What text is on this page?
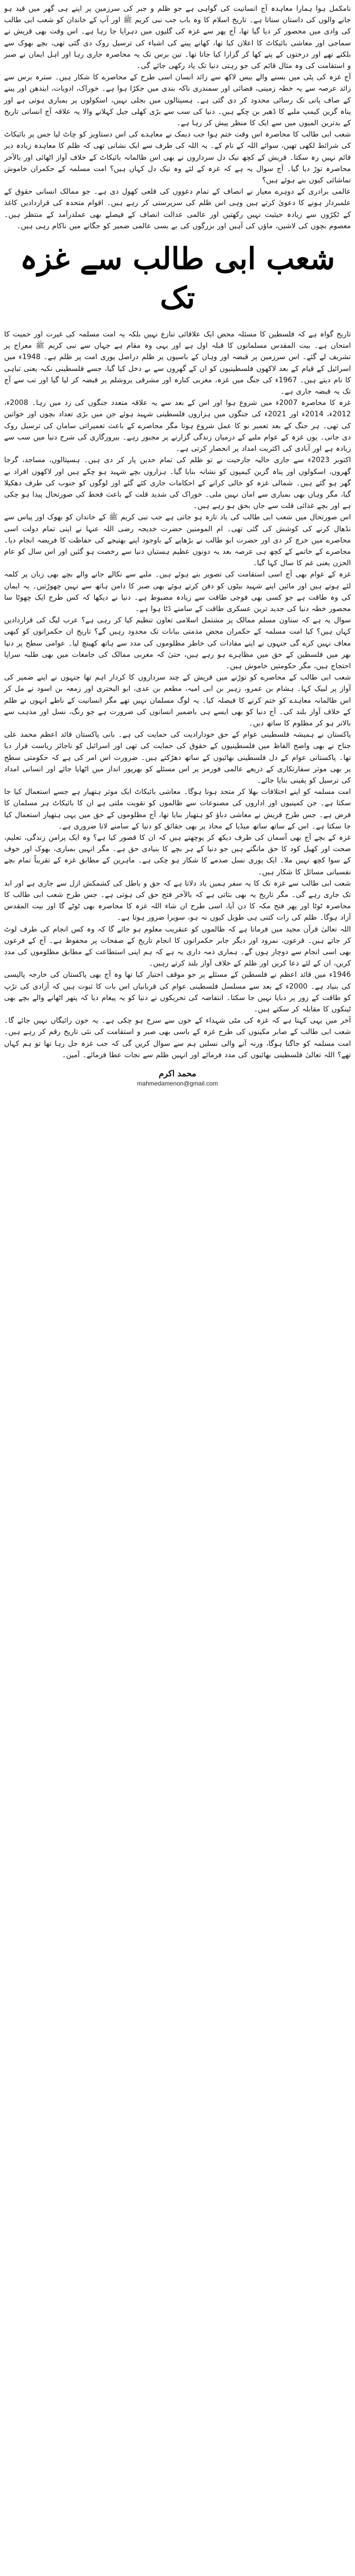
نامکمل ہوا ہمارا معاہدہ آج انسانیت کی گواہی ہے جو ظلم و جبر کی سرزمین پر اپنے ہی گھر میں قید ہو جانے والوں کی داستان سناتا ہے۔ تاریخ اسلام کا وہ باب جب نبی کریم ﷺ اور آپ کے خاندان کو شعب ابی طالب کی وادی میں محصور کر دیا گیا تھا، آج پھر سے غزہ کی گلیوں میں دہرایا جا رہا ہے۔ اس وقت بھی قریش نے سماجی اور معاشی بائیکاٹ کا اعلان کیا تھا، کھانے پینے کی اشیاء کی ترسیل روک دی گئی تھی، بچے بھوک سے بلکتے تھے اور درختوں کے پتے کھا کر گزارا کیا جاتا تھا۔ تین برس تک یہ محاصرہ جاری رہا اور اہل ایمان نے صبر و استقامت کی وہ مثال قائم کی جو رہتی دنیا تک یاد رکھی جائے گی۔

آج غزہ کی پٹی میں بسنے والے بیس لاکھ سے زائد انسان اسی طرح کے محاصرے کا شکار ہیں۔ سترہ برس سے زائد عرصہ سے یہ خطہ زمینی، فضائی اور سمندری ناکہ بندی میں جکڑا ہوا ہے۔ خوراک، ادویات، ایندھن اور پینے کے صاف پانی تک رسائی محدود کر دی گئی ہے۔ ہسپتالوں میں بجلی نہیں، اسکولوں پر بمباری ہوتی ہے اور پناہ گزین کیمپ ملبے کا ڈھیر بن چکے ہیں۔ دنیا کی سب سے بڑی کھلی جیل کہلانے والا یہ علاقہ آج انسانی تاریخ کے بدترین المیوں میں سے ایک کا منظر پیش کر رہا ہے۔

شعب ابی طالب کا محاصرہ اس وقت ختم ہوا جب دیمک نے معاہدے کی اس دستاویز کو چاٹ لیا جس پر بائیکاٹ کی شرائط لکھی تھیں، سوائے اللہ کے نام کے۔ یہ اللہ کی طرف سے ایک نشانی تھی کہ ظلم کا معاہدہ زیادہ دیر قائم نہیں رہ سکتا۔ قریش کے کچھ نیک دل سرداروں نے بھی اس ظالمانہ بائیکاٹ کے خلاف آواز اٹھائی اور بالآخر محاصرہ توڑ دیا گیا۔ آج سوال یہ ہے کہ غزہ کے لئے وہ نیک دل کہاں ہیں؟ امت مسلمہ کے حکمران خاموش تماشائی کیوں بنے ہوئے ہیں؟

عالمی برادری کے دوہرے معیار نے انصاف کے تمام دعووں کی قلعی کھول دی ہے۔ جو ممالک انسانی حقوق کے علمبردار ہونے کا دعویٰ کرتے ہیں وہی اس ظلم کی سرپرستی کر رہے ہیں۔ اقوام متحدہ کی قراردادیں کاغذ کے ٹکڑوں سے زیادہ حیثیت نہیں رکھتیں اور عالمی عدالت انصاف کے فیصلے بھی عملدرآمد کے منتظر ہیں۔ معصوم بچوں کی لاشیں، ماؤں کی آہیں اور بزرگوں کی بے بسی عالمی ضمیر کو جگانے میں ناکام رہی ہیں۔

شعب ابی طالب سے غزہ تک

تاریخ گواہ ہے کہ فلسطین کا مسئلہ محض ایک علاقائی تنازع نہیں بلکہ یہ امت مسلمہ کی غیرت اور حمیت کا امتحان ہے۔ بیت المقدس مسلمانوں کا قبلہ اول ہے اور یہی وہ مقام ہے جہاں سے نبی کریم ﷺ معراج پر تشریف لے گئے۔ اس سرزمین پر قبضہ اور وہاں کے باسیوں پر ظلم دراصل پوری امت پر ظلم ہے۔ 1948ء میں اسرائیل کے قیام کے بعد لاکھوں فلسطینیوں کو ان کے گھروں سے بے دخل کیا گیا، جسے فلسطینی نکبہ یعنی تباہی کا نام دیتے ہیں۔ 1967ء کی جنگ میں غزہ، مغربی کنارہ اور مشرقی یروشلم پر قبضہ کر لیا گیا اور تب سے آج تک یہ قبضہ جاری ہے۔

غزہ کا محاصرہ 2007ء میں شروع ہوا اور اس کے بعد سے یہ علاقہ متعدد جنگوں کی زد میں رہا۔ 2008ء، 2012ء، 2014ء اور 2021ء کی جنگوں میں ہزاروں فلسطینی شہید ہوئے جن میں بڑی تعداد بچوں اور خواتین کی تھی۔ ہر جنگ کے بعد تعمیر نو کا عمل شروع ہوتا مگر محاصرے کے باعث تعمیراتی سامان کی ترسیل روک دی جاتی۔ یوں غزہ کے عوام ملبے کے درمیان زندگی گزارنے پر مجبور رہے۔ بیروزگاری کی شرح دنیا میں سب سے زیادہ ہے اور آبادی کی اکثریت امداد پر انحصار کرتی ہے۔

اکتوبر 2023ء سے جاری حالیہ جارحیت نے تو ظلم کی تمام حدیں پار کر دی ہیں۔ ہسپتالوں، مساجد، گرجا گھروں، اسکولوں اور پناہ گزین کیمپوں کو نشانہ بنایا گیا۔ ہزاروں بچے شہید ہو چکے ہیں اور لاکھوں افراد بے گھر ہو گئے ہیں۔ شمالی غزہ کو خالی کرانے کے احکامات جاری کئے گئے اور لوگوں کو جنوب کی طرف دھکیلا گیا، مگر وہاں بھی بمباری سے امان نہیں ملی۔ خوراک کی شدید قلت کے باعث قحط کی صورتحال پیدا ہو چکی ہے اور بچے غذائی قلت سے جاں بحق ہو رہے ہیں۔

اس صورتحال میں شعب ابی طالب کی یاد تازہ ہو جاتی ہے جب نبی کریم ﷺ کے خاندان کو بھوک اور پیاس سے نڈھال کرنے کی کوشش کی گئی تھی۔ ام المومنین حضرت خدیجہ رضی اللہ عنہا نے اپنی تمام دولت اسی محاصرے میں خرچ کر دی اور حضرت ابو طالب نے بڑھاپے کے باوجود اپنے بھتیجے کی حفاظت کا فریضہ انجام دیا۔ محاصرے کے خاتمے کے کچھ ہی عرصہ بعد یہ دونوں عظیم ہستیاں دنیا سے رخصت ہو گئیں اور اس سال کو عام الحزن یعنی غم کا سال کہا گیا۔

غزہ کے عوام بھی آج اسی استقامت کی تصویر بنے ہوئے ہیں۔ ملبے سے نکالے جانے والے بچے بھی زبان پر کلمہ لئے ہوتے ہیں اور مائیں اپنے شہید بیٹوں کو دفن کرتے ہوئے بھی صبر کا دامن ہاتھ سے نہیں چھوڑتیں۔ یہ ایمان کی وہ طاقت ہے جو کسی بھی فوجی طاقت سے زیادہ مضبوط ہے۔ دنیا نے دیکھا کہ کس طرح ایک چھوٹا سا محصور خطہ دنیا کی جدید ترین عسکری طاقت کے سامنے ڈٹا ہوا ہے۔

سوال یہ ہے کہ ستاون مسلم ممالک پر مشتمل اسلامی تعاون تنظیم کیا کر رہی ہے؟ عرب لیگ کی قراردادیں کہاں ہیں؟ کیا امت مسلمہ کے حکمران محض مذمتی بیانات تک محدود رہیں گے؟ تاریخ ان حکمرانوں کو کبھی معاف نہیں کرے گی جنہوں نے اپنے مفادات کی خاطر مظلوموں کی مدد سے ہاتھ کھینچ لیا۔ عوامی سطح پر دنیا بھر میں فلسطین کے حق میں مظاہرے ہو رہے ہیں، حتیٰ کہ مغربی ممالک کی جامعات میں بھی طلبہ سراپا احتجاج ہیں، مگر حکومتیں خاموش ہیں۔

شعب ابی طالب کے محاصرے کو توڑنے میں قریش کے چند سرداروں کا کردار اہم تھا جنہوں نے اپنے ضمیر کی آواز پر لبیک کہا۔ ہشام بن عمرو، زہیر بن ابی امیہ، مطعم بن عدی، ابو البختری اور زمعہ بن اسود نے مل کر اس ظالمانہ معاہدے کو ختم کرنے کا فیصلہ کیا۔ یہ لوگ مسلمان نہیں تھے مگر انسانیت کے ناطے انہوں نے ظلم کے خلاف آواز بلند کی۔ آج دنیا کو بھی ایسے ہی باضمیر انسانوں کی ضرورت ہے جو رنگ، نسل اور مذہب سے بالاتر ہو کر مظلوم کا ساتھ دیں۔

پاکستان نے ہمیشہ فلسطینی عوام کے حق خودارادیت کی حمایت کی ہے۔ بانی پاکستان قائد اعظم محمد علی جناح نے بھی واضح الفاظ میں فلسطینیوں کے حقوق کی حمایت کی تھی اور اسرائیل کو ناجائز ریاست قرار دیا تھا۔ پاکستانی عوام کے دل فلسطینی بھائیوں کے ساتھ دھڑکتے ہیں۔ ضرورت اس امر کی ہے کہ حکومتی سطح پر بھی موثر سفارتکاری کے ذریعے عالمی فورمز پر اس مسئلے کو بھرپور انداز میں اٹھایا جائے اور انسانی امداد کی ترسیل کو یقینی بنایا جائے۔

امت مسلمہ کو اپنے اختلافات بھلا کر متحد ہونا ہوگا۔ معاشی بائیکاٹ ایک موثر ہتھیار ہے جسے استعمال کیا جا سکتا ہے۔ جن کمپنیوں اور اداروں کی مصنوعات سے ظالموں کو تقویت ملتی ہے ان کا بائیکاٹ ہر مسلمان کا فرض ہے۔ جس طرح قریش نے معاشی دباؤ کو ہتھیار بنایا تھا، آج مظلوموں کے حق میں یہی ہتھیار استعمال کیا جا سکتا ہے۔ اس کے ساتھ ساتھ میڈیا کے محاذ پر بھی حقائق کو دنیا کے سامنے لانا ضروری ہے۔

غزہ کے بچے آج بھی آسمان کی طرف دیکھ کر پوچھتے ہیں کہ ان کا قصور کیا ہے؟ وہ ایک پرامن زندگی، تعلیم، صحت اور کھیل کود کا حق مانگتے ہیں جو دنیا کے ہر بچے کا بنیادی حق ہے۔ مگر انہیں بمباری، بھوک اور خوف کے سوا کچھ نہیں ملا۔ ایک پوری نسل صدمے کا شکار ہو چکی ہے۔ ماہرین کے مطابق غزہ کے تقریباً تمام بچے نفسیاتی مسائل کا شکار ہیں۔

شعب ابی طالب سے غزہ تک کا یہ سفر ہمیں یاد دلاتا ہے کہ حق و باطل کی کشمکش ازل سے جاری ہے اور ابد تک جاری رہے گی۔ مگر تاریخ یہ بھی بتاتی ہے کہ بالآخر فتح حق کی ہوتی ہے۔ جس طرح شعب ابی طالب کا محاصرہ ٹوٹا اور پھر فتح مکہ کا دن آیا، اسی طرح ان شاء اللہ غزہ کا محاصرہ بھی ٹوٹے گا اور بیت المقدس آزاد ہوگا۔ ظلم کی رات کتنی ہی طویل کیوں نہ ہو، سویرا ضرور ہوتا ہے۔

اللہ تعالیٰ قرآن مجید میں فرماتا ہے کہ ظالموں کو عنقریب معلوم ہو جائے گا کہ وہ کس انجام کی طرف لوٹ کر جاتے ہیں۔ فرعون، نمرود اور دیگر جابر حکمرانوں کا انجام تاریخ کے صفحات پر محفوظ ہے۔ آج کے فرعون بھی اسی انجام سے دوچار ہوں گے۔ ہماری ذمہ داری یہ ہے کہ ہم اپنی استطاعت کے مطابق مظلوموں کی مدد کریں، ان کے لئے دعا کریں اور ظلم کے خلاف آواز بلند کرتے رہیں۔

1946ء میں قائد اعظم نے فلسطین کے مسئلے پر جو موقف اختیار کیا تھا وہ آج بھی پاکستان کی خارجہ پالیسی کی بنیاد ہے۔ 2000ء کے بعد سے مسلسل فلسطینی عوام کی قربانیاں اس بات کا ثبوت ہیں کہ آزادی کی تڑپ کو طاقت کے زور پر دبایا نہیں جا سکتا۔ انتفاضہ کی تحریکوں نے دنیا کو یہ پیغام دیا کہ پتھر اٹھانے والے بچے بھی ٹینکوں کا مقابلہ کر سکتے ہیں۔

آخر میں یہی کہنا ہے کہ غزہ کی مٹی شہداء کے خون سے سرخ ہو چکی ہے۔ یہ خون رائیگاں نہیں جائے گا۔ شعب ابی طالب کے صابر مکینوں کی طرح غزہ کے باسی بھی صبر و استقامت کی نئی تاریخ رقم کر رہے ہیں۔ امت مسلمہ کو جاگنا ہوگا، ورنہ آنے والی نسلیں ہم سے سوال کریں گی کہ جب غزہ جل رہا تھا تو ہم کہاں تھے؟ اللہ تعالیٰ فلسطینی بھائیوں کی مدد فرمائے اور انہیں ظلم سے نجات عطا فرمائے۔ آمین۔

محمد اکرم
mahmedamenon@gmail.com
